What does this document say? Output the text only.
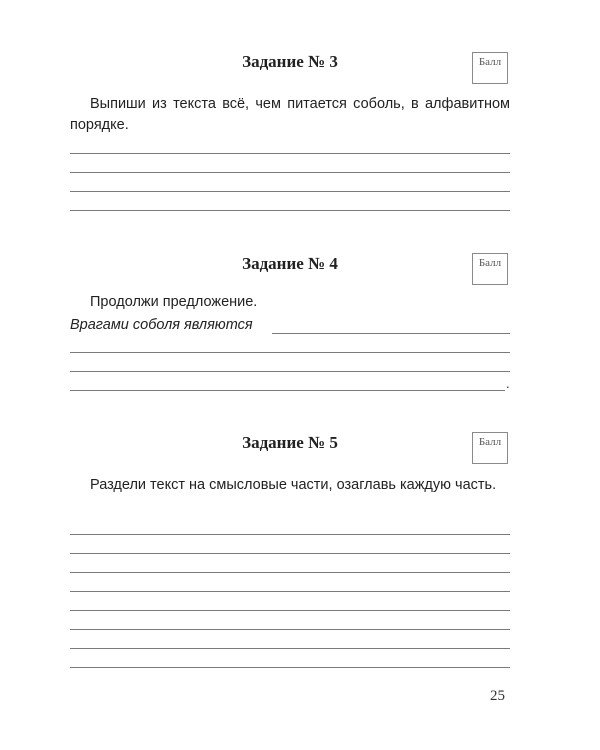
Задание № 3	Балл
Выпиши из текста всё, чем питается соболь, в алфавитном порядке.
Задание № 4	Балл
Продолжи предложение.
Врагами соболя являются
.
Задание № 5	Балл
Раздели текст на смысловые части, озаглавь каждую часть.
25
